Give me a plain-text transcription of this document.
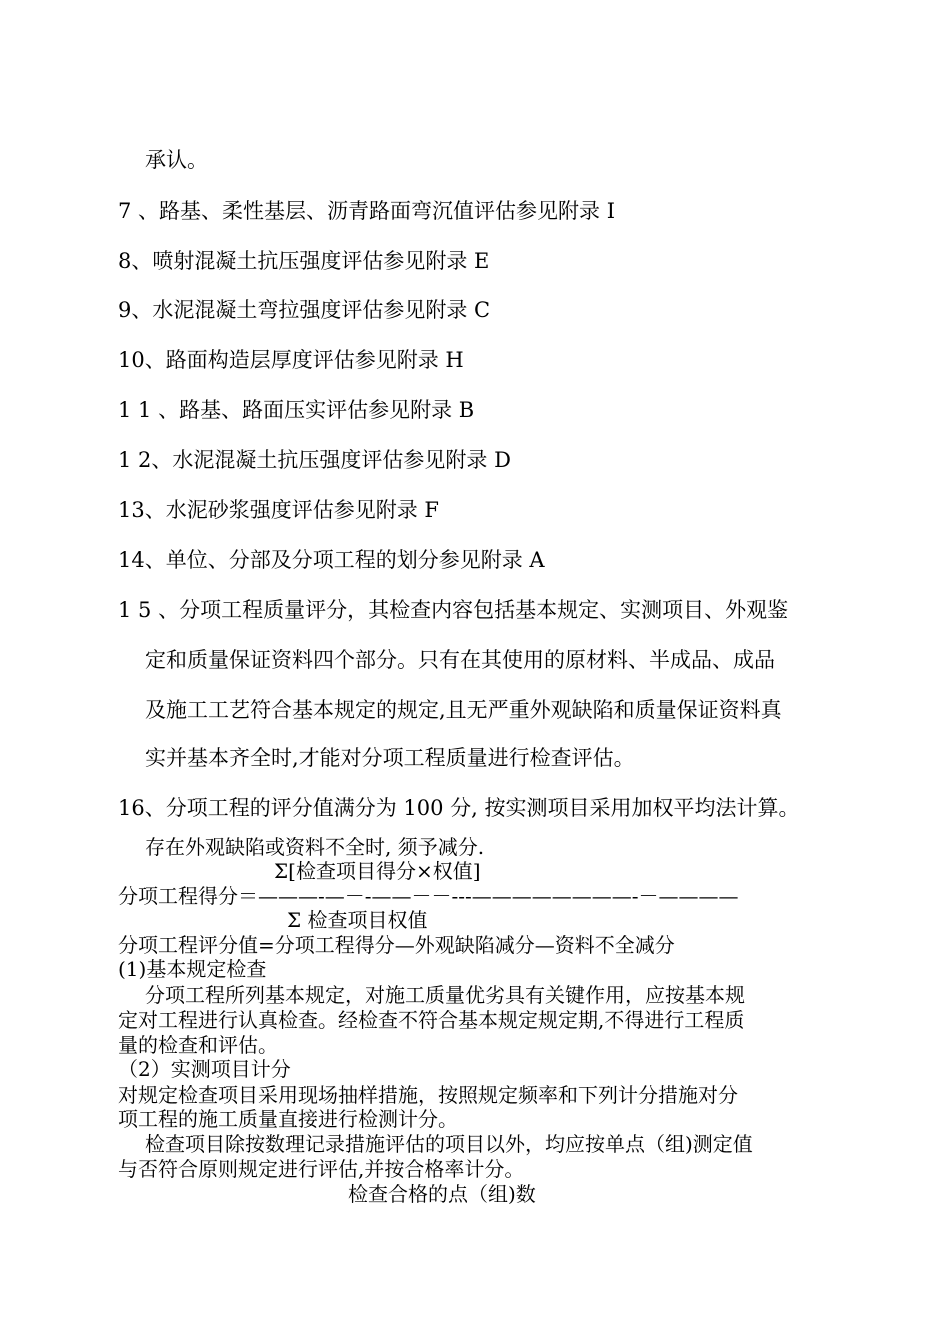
承认。
7 、路基、柔性基层、沥青路面弯沉值评估参见附录 I
8、喷射混凝土抗压强度评估参见附录 E
9、水泥混凝土弯拉强度评估参见附录 C
10、路面构造层厚度评估参见附录 H
1 1 、路基、路面压实评估参见附录 B
1 2、水泥混凝土抗压强度评估参见附录 D
13、水泥砂浆强度评估参见附录 F
14、单位、分部及分项工程的划分参见附录 A
1 5 、分项工程质量评分，其检查内容包括基本规定、实测项目、外观鉴
定和质量保证资料四个部分。只有在其使用的原材料、半成品、成品
及施工工艺符合基本规定的规定,且无严重外观缺陷和质量保证资料真
实并基本齐全时,才能对分项工程质量进行检查评估。
16、分项工程的评分值满分为 100 分, 按实测项目采用加权平均法计算。
存在外观缺陷或资料不全时, 须予减分.
Σ[检查项目得分×权值]
分项工程得分＝———-—－-——－－---————————-－————
Σ 检查项目权值
分项工程评分值=分项工程得分—外观缺陷减分—资料不全减分
(1)基本规定检查
分项工程所列基本规定，对施工质量优劣具有关键作用，应按基本规
定对工程进行认真检查。经检查不符合基本规定规定期,不得进行工程质
量的检查和评估。
（2）实测项目计分
对规定检查项目采用现场抽样措施，按照规定频率和下列计分措施对分
项工程的施工质量直接进行检测计分。
检查项目除按数理记录措施评估的项目以外，均应按单点（组)测定值
与否符合原则规定进行评估,并按合格率计分。
检查合格的点（组)数
